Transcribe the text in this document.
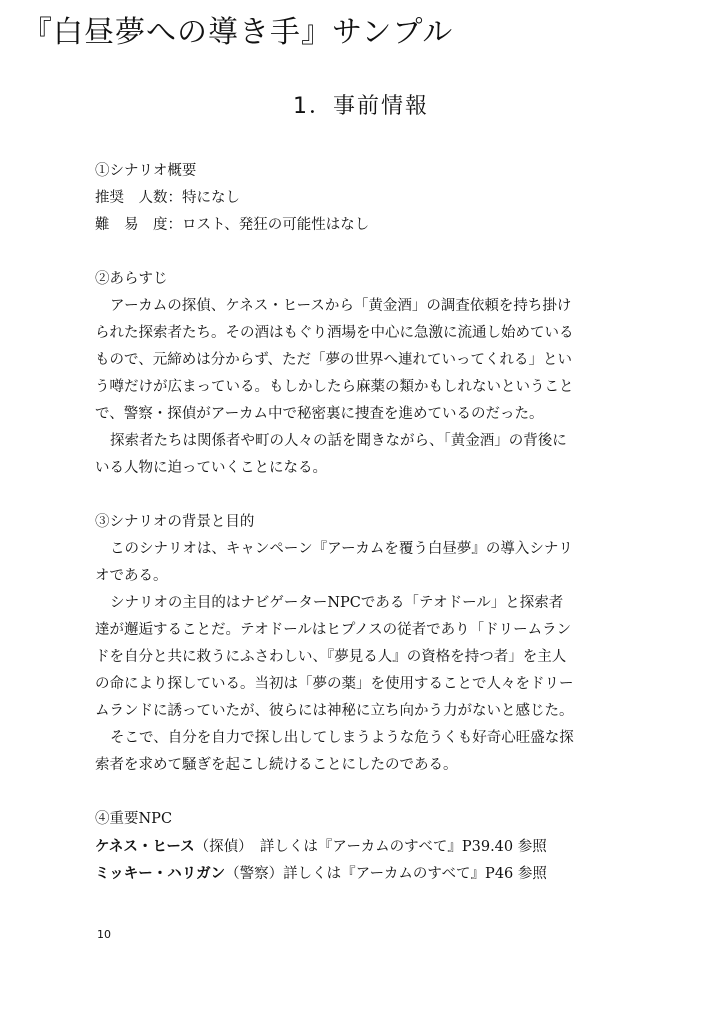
『白昼夢への導き手』サンプル
1．事前情報
①シナリオ概要
推奨　人数：特になし
難　易　度：ロスト、発狂の可能性はなし
②あらすじ
アーカムの探偵、ケネス・ヒースから「黄金酒」の調査依頼を持ち掛け
られた探索者たち。その酒はもぐり酒場を中心に急激に流通し始めている
もので、元締めは分からず、ただ「夢の世界へ連れていってくれる」とい
う噂だけが広まっている。もしかしたら麻薬の類かもしれないということ
で、警察・探偵がアーカム中で秘密裏に捜査を進めているのだった。
探索者たちは関係者や町の人々の話を聞きながら、「黄金酒」の背後に
いる人物に迫っていくことになる。
③シナリオの背景と目的
このシナリオは、キャンペーン『アーカムを覆う白昼夢』の導入シナリ
オである。
シナリオの主目的はナビゲーターNPCである「テオドール」と探索者
達が邂逅することだ。テオドールはヒプノスの従者であり「ドリームラン
ドを自分と共に救うにふさわしい、『夢見る人』の資格を持つ者」を主人
の命により探している。当初は「夢の薬」を使用することで人々をドリー
ムランドに誘っていたが、彼らには神秘に立ち向かう力がないと感じた。
そこで、自分を自力で探し出してしまうような危うくも好奇心旺盛な探
索者を求めて騒ぎを起こし続けることにしたのである。
④重要NPC
ケネス・ヒース（探偵）　詳しくは『アーカムのすべて』P39.40 参照
ミッキー・ハリガン（警察）詳しくは『アーカムのすべて』P46 参照
10
